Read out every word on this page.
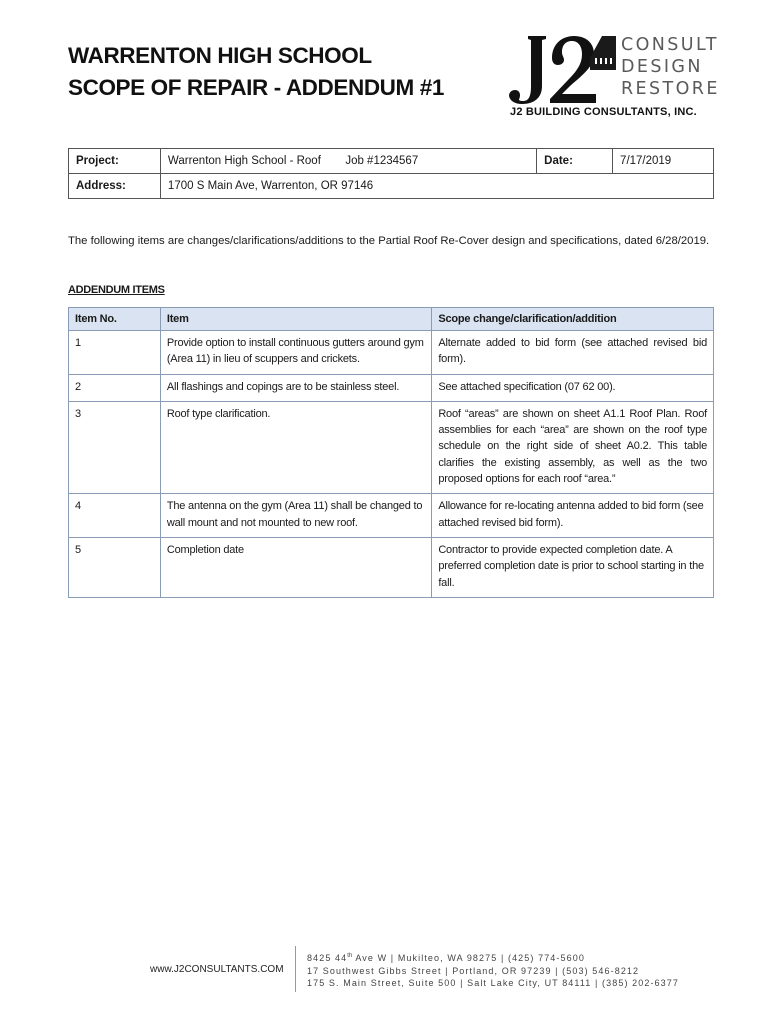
WARRENTON HIGH SCHOOL
SCOPE OF REPAIR - ADDENDUM #1
CONSULT
DESIGN
RESTORE
J2 BUILDING CONSULTANTS, INC.
Project:	Warrenton High School - Roof Job #1234567	Date:	7/17/2019
Address:	1700 S Main Ave, Warrenton, OR 97146		

The following items are changes/clarifications/additions to the Partial Roof Re-Cover design and specifications, dated 6/28/2019.

ADDENDUM ITEMS
Item No.	Item	Scope change/clarification/addition
1	Provide option to install continuous gutters around gym (Area 11) in lieu of scuppers and crickets.	Alternate added to bid form (see attached revised bid form).
2	All flashings and copings are to be stainless steel.	See attached specification (07 62 00).
3	Roof type clarification.	Roof “areas” are shown on sheet A1.1 Roof Plan. Roof assemblies for each “area” are shown on the roof type schedule on the right side of sheet A0.2. This table clarifies the existing assembly, as well as the two proposed options for each roof “area.”
4	The antenna on the gym (Area 11) shall be changed to wall mount and not mounted to new roof.	Allowance for re-locating antenna added to bid form (see attached revised bid form).
5	Completion date	Contractor to provide expected completion date. A preferred completion date is prior to school starting in the fall.
www.J2CONSULTANTS.COM
8425 44th Ave W | Mukilteo, WA 98275 | (425) 774-5600
17 Southwest Gibbs Street | Portland, OR 97239 | (503) 546-8212
175 S. Main Street, Suite 500 | Salt Lake City, UT 84111 | (385) 202-6377
